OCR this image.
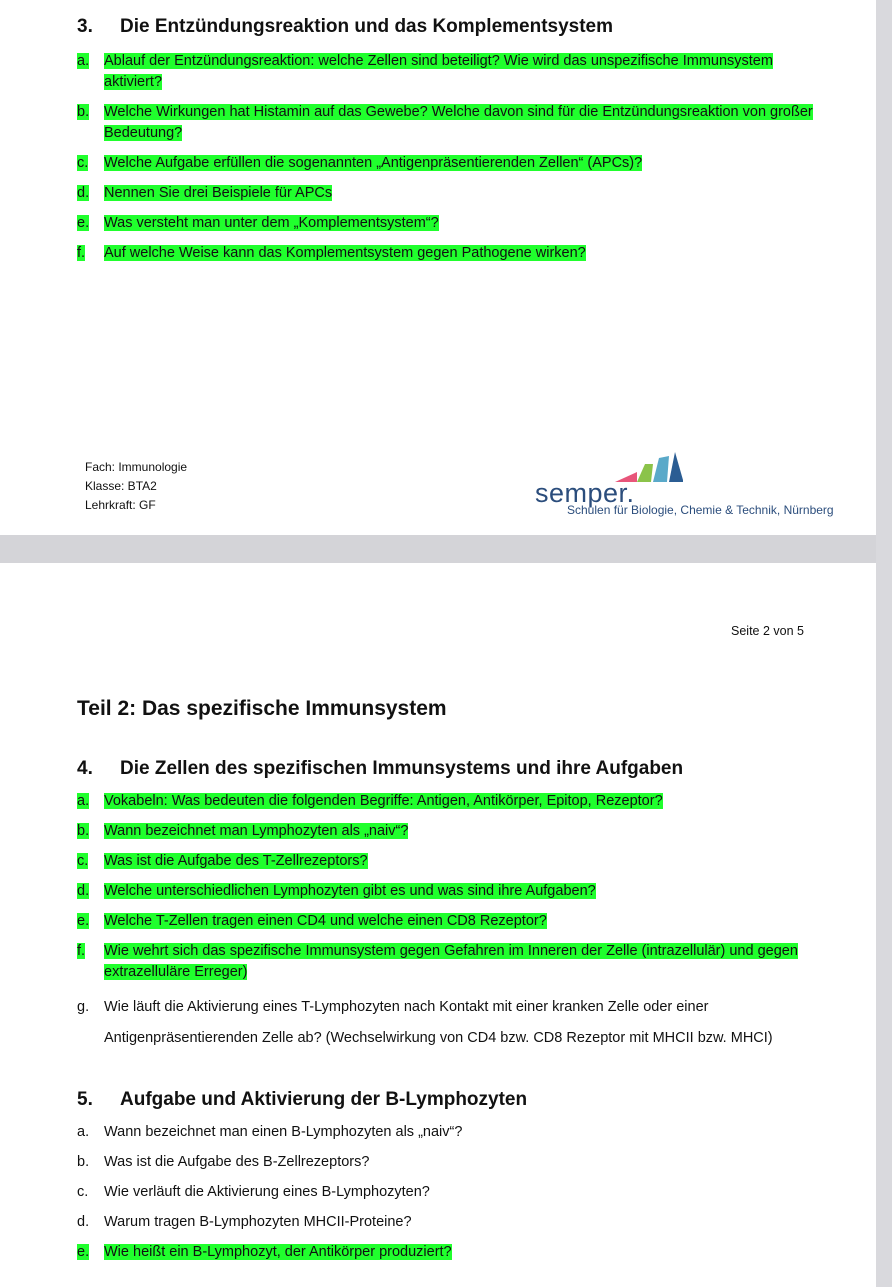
3. Die Entzündungsreaktion und das Komplementsystem
a.	Ablauf der Entzündungsreaktion: welche Zellen sind beteiligt? Wie wird das unspezifische Immunsystem aktiviert?
b.	Welche Wirkungen hat Histamin auf das Gewebe? Welche davon sind für die Entzündungsreaktion von großer Bedeutung?
c.	Welche Aufgabe erfüllen die sogenannten „Antigenpräsentierenden Zellen“ (APCs)?
d.	Nennen Sie drei Beispiele für APCs
e.	Was versteht man unter dem „Komplementsystem“?
f.	Auf welche Weise kann das Komplementsystem gegen Pathogene wirken?
Fach: Immunologie
Klasse: BTA2
Lehrkraft: GF	semper.
Schulen für Biologie, Chemie & Technik, Nürnberg
Seite 2 von 5
Teil 2: Das spezifische Immunsystem
4. Die Zellen des spezifischen Immunsystems und ihre Aufgaben
a.	Vokabeln: Was bedeuten die folgenden Begriffe: Antigen, Antikörper, Epitop, Rezeptor?
b.	Wann bezeichnet man Lymphozyten als „naiv“?
c.	Was ist die Aufgabe des T-Zellrezeptors?
d.	Welche unterschiedlichen Lymphozyten gibt es und was sind ihre Aufgaben?
e.	Welche T-Zellen tragen einen CD4 und welche einen CD8 Rezeptor?
f.	Wie wehrt sich das spezifische Immunsystem gegen Gefahren im Inneren der Zelle (intrazellulär) und gegen extrazelluläre Erreger)
g.	Wie läuft die Aktivierung eines T-Lymphozyten nach Kontakt mit einer kranken Zelle oder einer Antigenpräsentierenden Zelle ab? (Wechselwirkung von CD4 bzw. CD8 Rezeptor mit MHCII bzw. MHCI)
5. Aufgabe und Aktivierung der B-Lymphozyten
a.	Wann bezeichnet man einen B-Lymphozyten als „naiv“?
b.	Was ist die Aufgabe des B-Zellrezeptors?
c.	Wie verläuft die Aktivierung eines B-Lymphozyten?
d.	Warum tragen B-Lymphozyten MHCII-Proteine?
e.	Wie heißt ein B-Lymphozyt, der Antikörper produziert?
